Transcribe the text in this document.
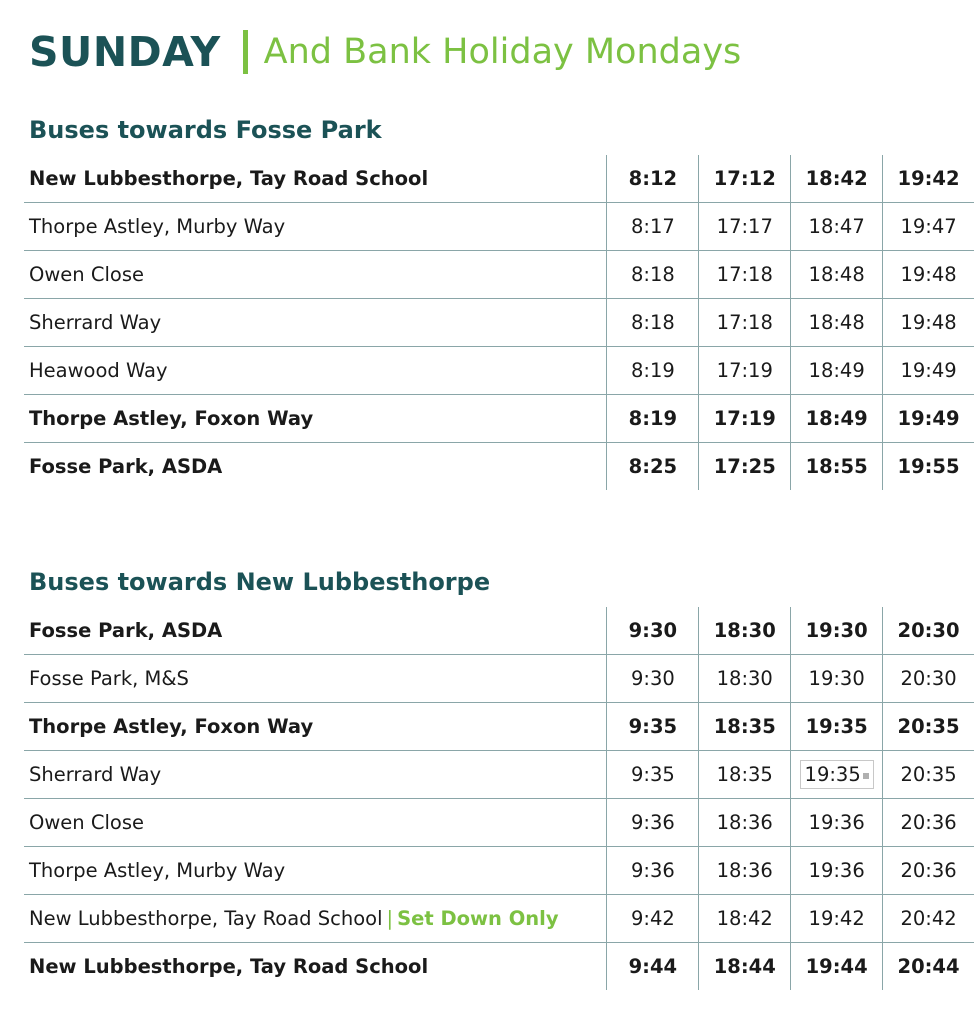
SUNDAY And Bank Holiday Mondays
Buses towards Fosse Park
New Lubbesthorpe, Tay Road School	8:12	17:12	18:42	19:42
Thorpe Astley, Murby Way	8:17	17:17	18:47	19:47
Owen Close	8:18	17:18	18:48	19:48
Sherrard Way	8:18	17:18	18:48	19:48
Heawood Way	8:19	17:19	18:49	19:49
Thorpe Astley, Foxon Way	8:19	17:19	18:49	19:49
Fosse Park, ASDA	8:25	17:25	18:55	19:55
Buses towards New Lubbesthorpe
Fosse Park, ASDA	9:30	18:30	19:30	20:30
Fosse Park, M&S	9:30	18:30	19:30	20:30
Thorpe Astley, Foxon Way	9:35	18:35	19:35	20:35
Sherrard Way	9:35	18:35	19:35	20:35
Owen Close	9:36	18:36	19:36	20:36
Thorpe Astley, Murby Way	9:36	18:36	19:36	20:36
New Lubbesthorpe, Tay Road School | Set Down Only	9:42	18:42	19:42	20:42
New Lubbesthorpe, Tay Road School	9:44	18:44	19:44	20:44
